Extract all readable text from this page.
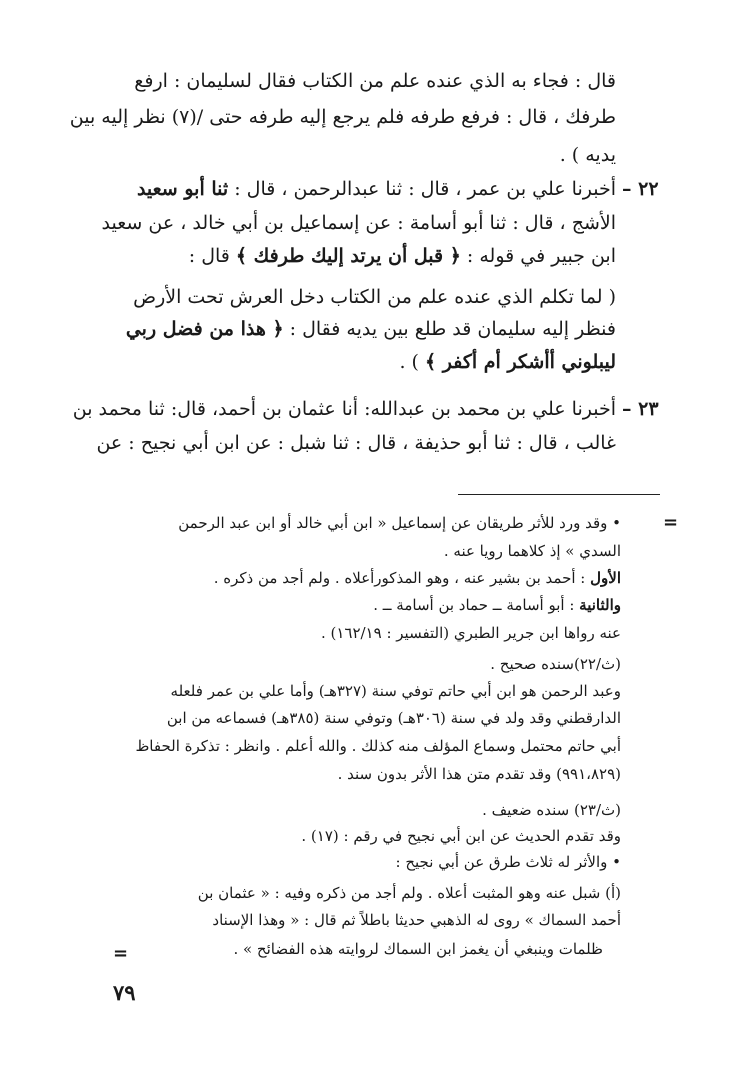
قال : فجاء به الذي عنده علم من الكتاب فقال لسليمان : ارفع
طرفك ، قال : فرفع طرفه فلم يرجع إليه طرفه حتى /(٧) نظر إليه بين
يديه ) .
٢٢ –
أخبرنا علي بن عمر ، قال : ثنا عبدالرحمن ، قال : ثنا أبو سعيد
الأشج ، قال : ثنا أبو أسامة : عن إسماعيل بن أبي خالد ، عن سعيد
ابن جبير في قوله : ﴿ قبل أن يرتد إليك طرفك ﴾ قال :
( لما تكلم الذي عنده علم من الكتاب دخل العرش تحت الأرض
فنظر إليه سليمان قد طلع بين يديه فقال : ﴿ هذا من فضل ربي
ليبلوني أأشكر أم أكفر ﴾ ) .
٢٣ –
أخبرنا علي بن محمد بن عبدالله: أنا عثمان بن أحمد، قال: ثنا محمد بن
غالب ، قال : ثنا أبو حذيفة ، قال : ثنا شبل : عن ابن أبي نجيح : عن
=
• وقد ورد للأثر طريقان عن إسماعيل « ابن أبي خالد أو ابن عبد الرحمن
السدي » إذ كلاهما رويا عنه .
الأول : أحمد بن بشير عنه ، وهو المذكورأعلاه . ولم أجد من ذكره .
والثانية : أبو أسامة ــ حماد بن أسامة ــ .
عنه رواها ابن جرير الطبري (التفسير : ١٦٢/١٩) .
(ث/٢٢)سنده صحيح .
وعبد الرحمن هو ابن أبي حاتم توفي سنة (٣٢٧هـ) وأما علي بن عمر فلعله
الدارقطني وقد ولد في سنة (٣٠٦هـ) وتوفي سنة (٣٨٥هـ) فسماعه من ابن
أبي حاتم محتمل وسماع المؤلف منه كذلك . والله أعلم . وانظر : تذكرة الحفاظ
(٩٩١،٨٢٩) وقد تقدم متن هذا الأثر بدون سند .
(ث/٢٣) سنده ضعيف .
وقد تقدم الحديث عن ابن أبي نجيح في رقم : (١٧) .
• والأثر له ثلاث طرق عن أبي نجيح :
(أ) شبل عنه وهو المثبت أعلاه . ولم أجد من ذكره وفيه : « عثمان بن
أحمد السماك » روى له الذهبي حديثا باطلاً ثم قال : « وهذا الإسناد
ظلمات وينبغي أن يغمز ابن السماك لروايته هذه الفضائح » .
=
٧٩
